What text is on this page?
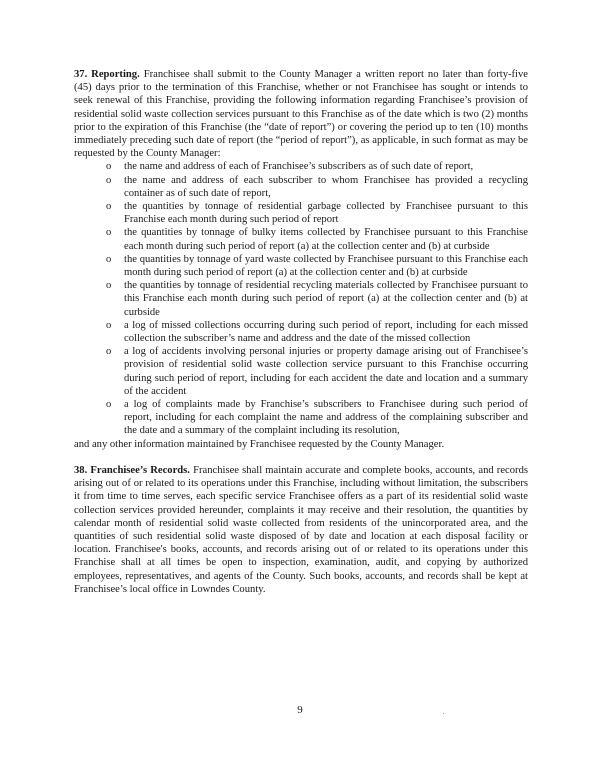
37. Reporting. Franchisee shall submit to the County Manager a written report no later than forty-five (45) days prior to the termination of this Franchise, whether or not Franchisee has sought or intends to seek renewal of this Franchise, providing the following information regarding Franchisee’s provision of residential solid waste collection services pursuant to this Franchise as of the date which is two (2) months prior to the expiration of this Franchise (the “date of report”) or covering the period up to ten (10) months immediately preceding such date of report (the “period of report”), as applicable, in such format as may be requested by the County Manager:

o the name and address of each of Franchisee’s subscribers as of such date of report,
o the name and address of each subscriber to whom Franchisee has provided a recycling container as of such date of report,
o the quantities by tonnage of residential garbage collected by Franchisee pursuant to this Franchise each month during such period of report
o the quantities by tonnage of bulky items collected by Franchisee pursuant to this Franchise each month during such period of report (a) at the collection center and (b) at curbside
o the quantities by tonnage of yard waste collected by Franchisee pursuant to this Franchise each month during such period of report (a) at the collection center and (b) at curbside
o the quantities by tonnage of residential recycling materials collected by Franchisee pursuant to this Franchise each month during such period of report (a) at the collection center and (b) at curbside
o a log of missed collections occurring during such period of report, including for each missed collection the subscriber’s name and address and the date of the missed collection
o a log of accidents involving personal injuries or property damage arising out of Franchisee’s provision of residential solid waste collection service pursuant to this Franchise occurring during such period of report, including for each accident the date and location and a summary of the accident
o a log of complaints made by Franchise’s subscribers to Franchisee during such period of report, including for each complaint the name and address of the complaining subscriber and the date and a summary of the complaint including its resolution,

and any other information maintained by Franchisee requested by the County Manager.

38. Franchisee’s Records. Franchisee shall maintain accurate and complete books, accounts, and records arising out of or related to its operations under this Franchise, including without limitation, the subscribers it from time to time serves, each specific service Franchisee offers as a part of its residential solid waste collection services provided hereunder, complaints it may receive and their resolution, the quantities by calendar month of residential solid waste collected from residents of the unincorporated area, and the quantities of such residential solid waste disposed of by date and location at each disposal facility or location. Franchisee's books, accounts, and records arising out of or related to its operations under this Franchise shall at all times be open to inspection, examination, audit, and copying by authorized employees, representatives, and agents of the County. Such books, accounts, and records shall be kept at Franchisee’s local office in Lowndes County.

9
